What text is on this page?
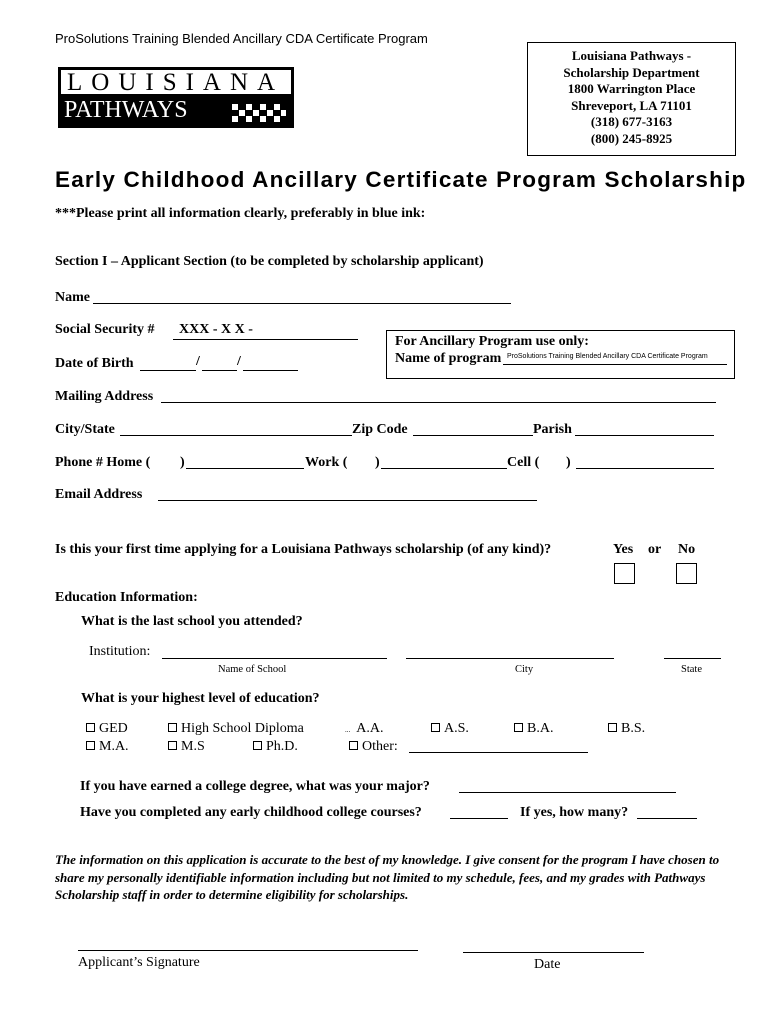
ProSolutions Training Blended Ancillary CDA Certificate Program
Louisiana Pathways -
Scholarship Department
1800 Warrington Place
Shreveport, LA 71101
(318) 677-3163
(800) 245-8925
LOUISIANA
PATHWAYS
Early Childhood Ancillary Certificate Program Scholarship
***Please print all information clearly, preferably in blue ink:
Section I – Applicant Section (to be completed by scholarship applicant)
Name
Social Security # XXX - X X -
For Ancillary Program use only:
Name of program ProSolutions Training Blended Ancillary CDA Certificate Program
Date of Birth	/	/
Mailing Address
City/State	Zip Code	Parish
Phone # Home ( )	Work ( )	Cell ( )
Email Address
Is this your first time applying for a Louisiana Pathways scholarship (of any kind)?	Yes or No
Education Information:
What is the last school you attended?
Institution:
Name of School	City	State
What is your highest level of education?
GED	High School Diploma	... A.A.	A.S.	B.A.	B.S.
M.A.	M.S	Ph.D.	Other:
If you have earned a college degree, what was your major?
Have you completed any early childhood college courses?	If yes, how many?
The information on this application is accurate to the best of my knowledge. I give consent for the program I have chosen to share my personally identifiable information including but not limited to my schedule, fees, and my grades with Pathways Scholarship staff in order to determine eligibility for scholarships.
Applicant’s Signature	Date
